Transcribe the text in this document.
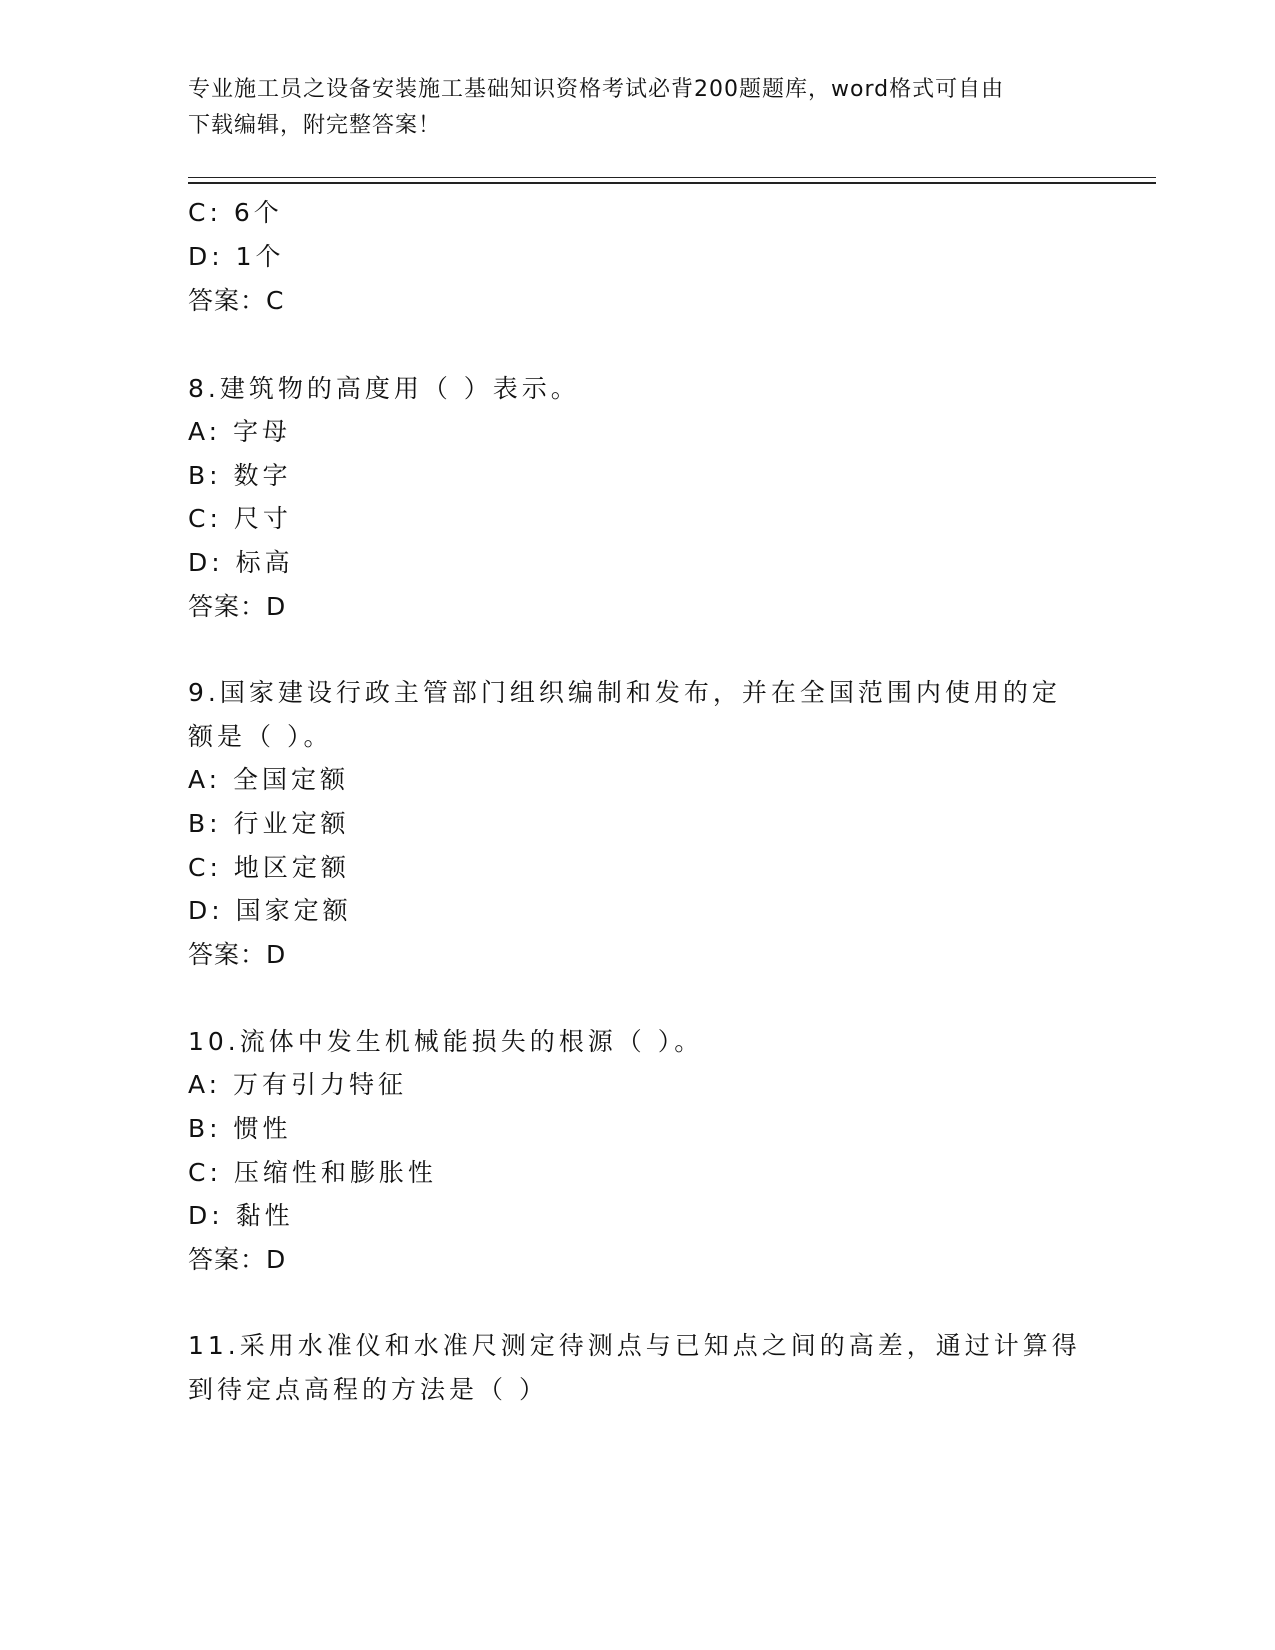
专业施工员之设备安装施工基础知识资格考试必背200题题库，word格式可自由
下载编辑，附完整答案！
C: 6个
D: 1个
答案：C
8.建筑物的高度用（ ）表示。
A: 字母
B: 数字
C: 尺寸
D: 标高
答案：D
9.国家建设行政主管部门组织编制和发布，并在全国范围内使用的定
额是（ ）。
A: 全国定额
B: 行业定额
C: 地区定额
D: 国家定额
答案：D
10.流体中发生机械能损失的根源（ ）。
A: 万有引力特征
B: 惯性
C: 压缩性和膨胀性
D: 黏性
答案：D
11.采用水准仪和水准尺测定待测点与已知点之间的高差，通过计算得
到待定点高程的方法是（ ）
